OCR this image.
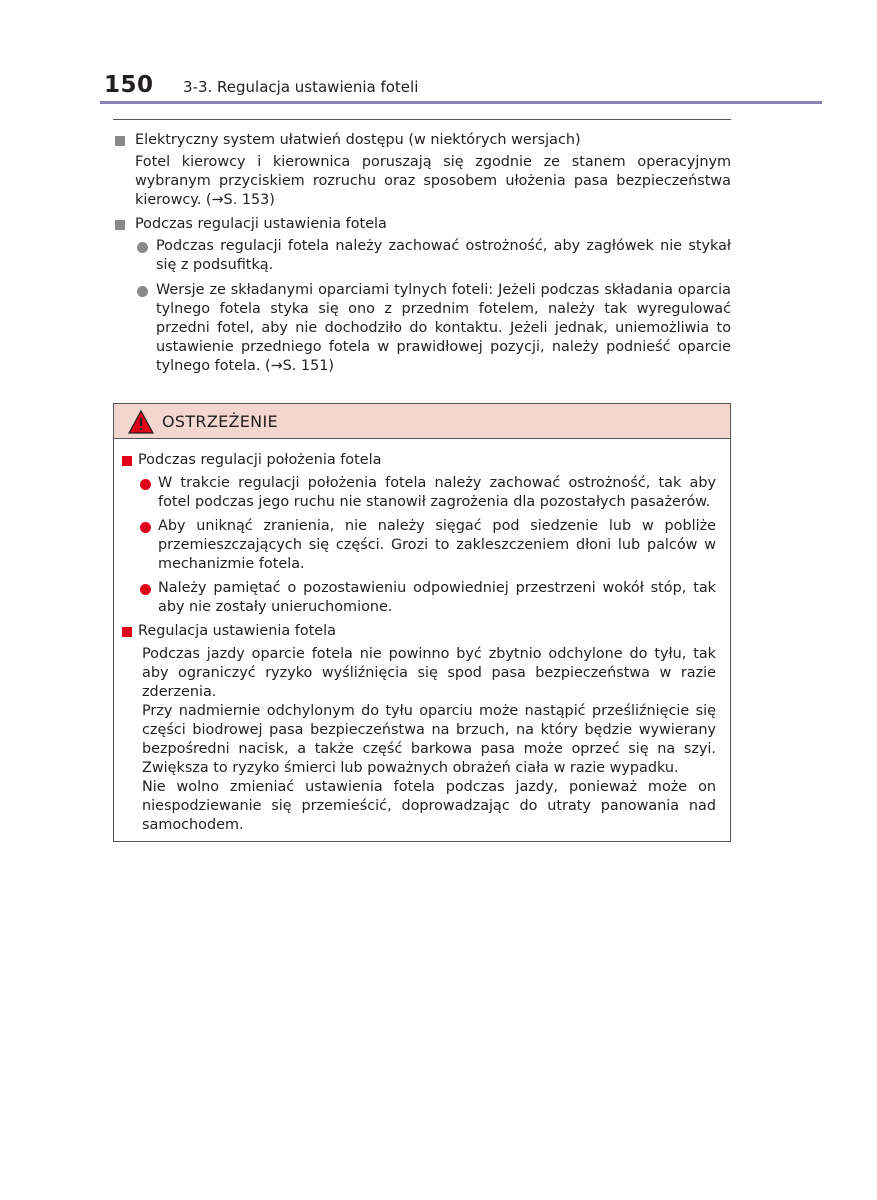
150 3-3. Regulacja ustawienia foteli
Elektryczny system ułatwień dostępu (w niektórych wersjach)

Fotel kierowcy i kierownica poruszają się zgodnie ze stanem operacyjnym wybranym przyciskiem rozruchu oraz sposobem ułożenia pasa bezpieczeństwa kierowcy. (→S. 153)

Podczas regulacji ustawienia fotela
Podczas regulacji fotela należy zachować ostrożność, aby zagłówek nie stykał się z podsufitką.
Wersje ze składanymi oparciami tylnych foteli: Jeżeli podczas składania oparcia tylnego fotela styka się ono z przednim fotelem, należy tak wyregulować przedni fotel, aby nie dochodziło do kontaktu. Jeżeli jednak, uniemożliwia to ustawienie przedniego fotela w prawidłowej pozycji, należy podnieść oparcie tylnego fotela. (→S. 151)
OSTRZEŻENIE
Podczas regulacji położenia fotela
W trakcie regulacji położenia fotela należy zachować ostrożność, tak aby fotel podczas jego ruchu nie stanowił zagrożenia dla pozostałych pasażerów.
Aby uniknąć zranienia, nie należy sięgać pod siedzenie lub w pobliże przemieszczających się części. Grozi to zakleszczeniem dłoni lub palców w mechanizmie fotela.
Należy pamiętać o pozostawieniu odpowiedniej przestrzeni wokół stóp, tak aby nie zostały unieruchomione.
Regulacja ustawienia fotela

Podczas jazdy oparcie fotela nie powinno być zbytnio odchylone do tyłu, tak aby ograniczyć ryzyko wyśliźnięcia się spod pasa bezpieczeństwa w razie zderzenia.

Przy nadmiernie odchylonym do tyłu oparciu może nastąpić prześliźnięcie się części biodrowej pasa bezpieczeństwa na brzuch, na który będzie wywierany bezpośredni nacisk, a także część barkowa pasa może oprzeć się na szyi. Zwiększa to ryzyko śmierci lub poważnych obrażeń ciała w razie wypadku.

Nie wolno zmieniać ustawienia fotela podczas jazdy, ponieważ może on niespodziewanie się przemieścić, doprowadzając do utraty panowania nad samochodem.
